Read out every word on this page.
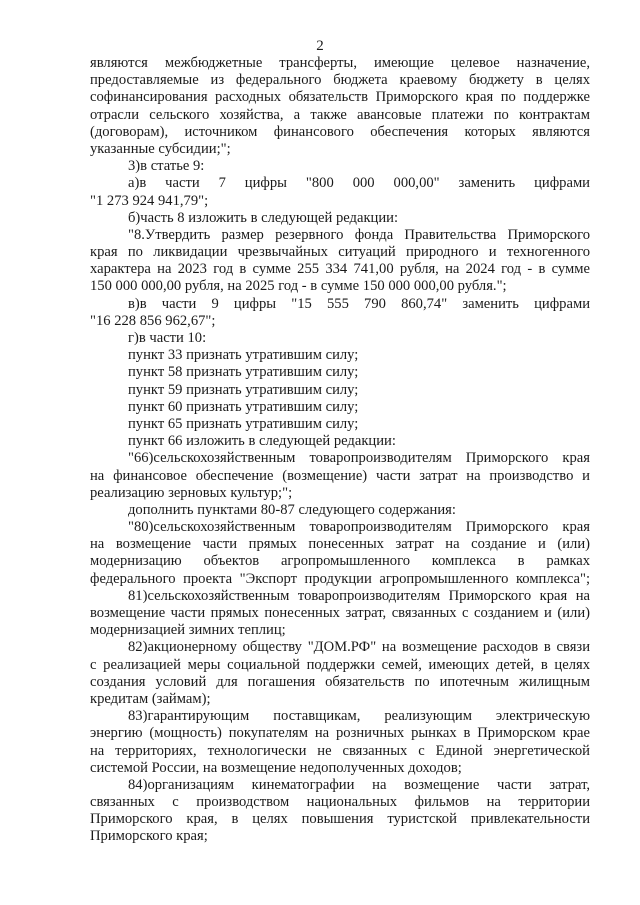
2
являются межбюджетные трансферты, имеющие целевое назначение,
предоставляемые из федерального бюджета краевому бюджету в целях
софинансирования расходных обязательств Приморского края по поддержке
отрасли сельского хозяйства, а также авансовые платежи по контрактам
(договорам), источником финансового обеспечения которых являются
указанные субсидии;";
3)в статье 9:
а)в части 7 цифры "800 000 000,00" заменить цифрами
"1 273 924 941,79";
б)часть 8 изложить в следующей редакции:
"8.Утвердить размер резервного фонда Правительства Приморского
края по ликвидации чрезвычайных ситуаций природного и техногенного
характера на 2023 год в сумме 255 334 741,00 рубля, на 2024 год - в сумме
150 000 000,00 рубля, на 2025 год - в сумме 150 000 000,00 рубля.";
в)в части 9 цифры "15 555 790 860,74" заменить цифрами
"16 228 856 962,67";
г)в части 10:
пункт 33 признать утратившим силу;
пункт 58 признать утратившим силу;
пункт 59 признать утратившим силу;
пункт 60 признать утратившим силу;
пункт 65 признать утратившим силу;
пункт 66 изложить в следующей редакции:
"66)сельскохозяйственным товаропроизводителям Приморского края
на финансовое обеспечение (возмещение) части затрат на производство и
реализацию зерновых культур;";
дополнить пунктами 80-87 следующего содержания:
"80)сельскохозяйственным товаропроизводителям Приморского края
на возмещение части прямых понесенных затрат на создание и (или)
модернизацию объектов агропромышленного комплекса в рамках
федерального проекта "Экспорт продукции агропромышленного комплекса";
81)сельскохозяйственным товаропроизводителям Приморского края на
возмещение части прямых понесенных затрат, связанных с созданием и (или)
модернизацией зимних теплиц;
82)акционерному обществу "ДОМ.РФ" на возмещение расходов в связи
с реализацией меры социальной поддержки семей, имеющих детей, в целях
создания условий для погашения обязательств по ипотечным жилищным
кредитам (займам);
83)гарантирующим поставщикам, реализующим электрическую
энергию (мощность) покупателям на розничных рынках в Приморском крае
на территориях, технологически не связанных с Единой энергетической
системой России, на возмещение недополученных доходов;
84)организациям кинематографии на возмещение части затрат,
связанных с производством национальных фильмов на территории
Приморского края, в целях повышения туристской привлекательности
Приморского края;
